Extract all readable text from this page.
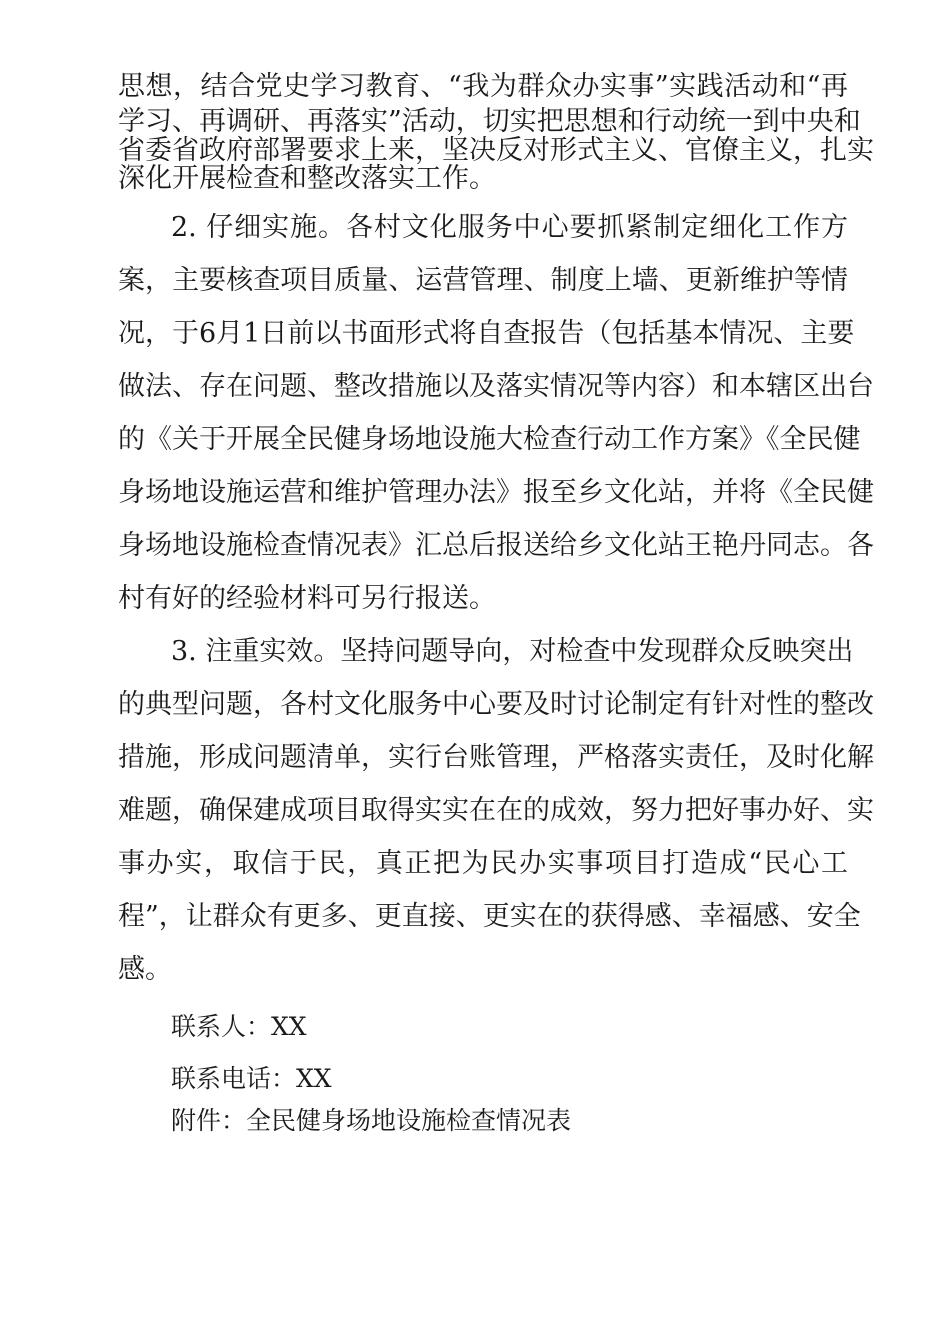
思想，结合党史学习教育、“我为群众办实事”实践活动和“再
学习、再调研、再落实”活动，切实把思想和行动统一到中央和
省委省政府部署要求上来，坚决反对形式主义、官僚主义，扎实
深化开展检查和整改落实工作。
2. 仔细实施。各村文化服务中心要抓紧制定细化工作方
案，主要核查项目质量、运营管理、制度上墙、更新维护等情
况，于6月1日前以书面形式将自查报告（包括基本情况、主要
做法、存在问题、整改措施以及落实情况等内容）和本辖区出台
的《关于开展全民健身场地设施大检查行动工作方案》《全民健
身场地设施运营和维护管理办法》报至乡文化站，并将《全民健
身场地设施检查情况表》汇总后报送给乡文化站王艳丹同志。各
村有好的经验材料可另行报送。
3. 注重实效。坚持问题导向，对检查中发现群众反映突出
的典型问题，各村文化服务中心要及时讨论制定有针对性的整改
措施，形成问题清单，实行台账管理，严格落实责任，及时化解
难题，确保建成项目取得实实在在的成效，努力把好事办好、实
事办实，取信于民，真正把为民办实事项目打造成“民心工
程”，让群众有更多、更直接、更实在的获得感、幸福感、安全
感。
联系人：XX
联系电话：XX
附件：全民健身场地设施检查情况表
